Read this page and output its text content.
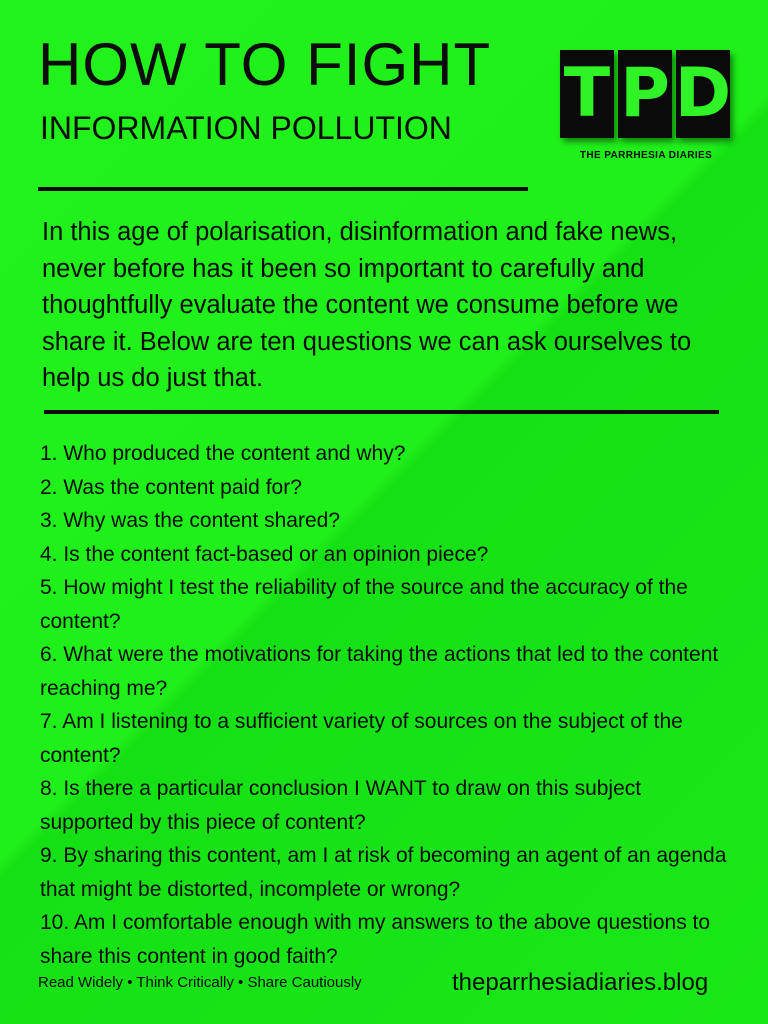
HOW TO FIGHT
INFORMATION POLLUTION T P D
THE PARRHESIA DIARIES
In this age of polarisation, disinformation and fake news, never before has it been so important to carefully and thoughtfully evaluate the content we consume before we share it. Below are ten questions we can ask ourselves to help us do just that.
1. Who produced the content and why?
2. Was the content paid for?
3. Why was the content shared?
4. Is the content fact-based or an opinion piece?
5. How might I test the reliability of the source and the accuracy of the content?
6. What were the motivations for taking the actions that led to the content reaching me?
7. Am I listening to a sufficient variety of sources on the subject of the content?
8. Is there a particular conclusion I WANT to draw on this subject supported by this piece of content?
9. By sharing this content, am I at risk of becoming an agent of an agenda that might be distorted, incomplete or wrong?
10. Am I comfortable enough with my answers to the above questions to share this content in good faith?
Read Widely • Think Critically • Share Cautiously	theparrhesiadiaries.blog
